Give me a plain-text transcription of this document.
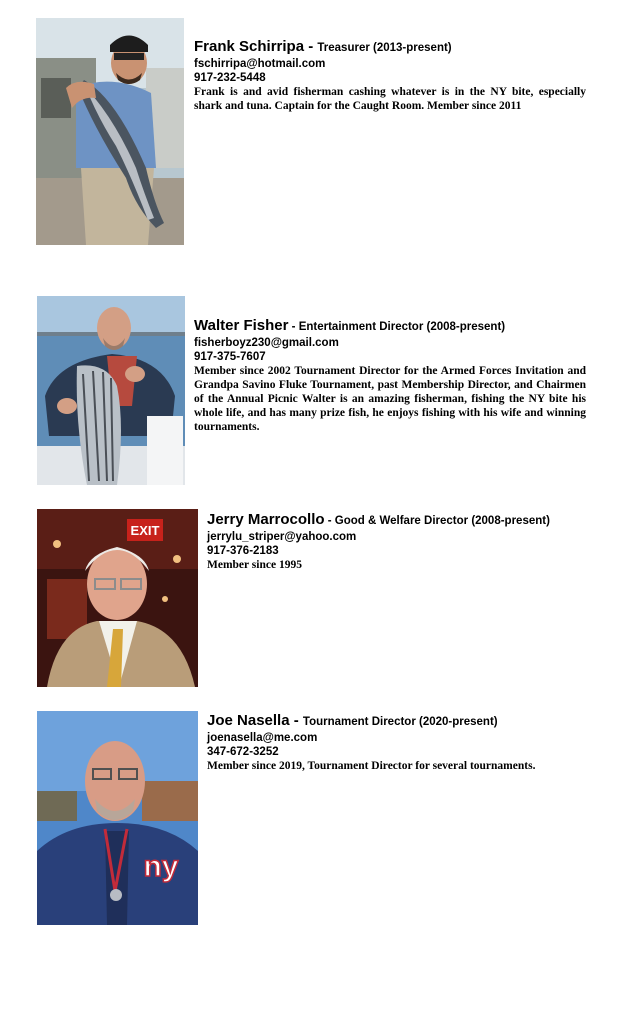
Frank Schirripa - Treasurer (2013-present)
fschirripa@hotmail.com
917-232-5448
Frank is and avid fisherman cashing whatever is in the NY bite, especially shark and tuna. Captain for the Caught Room. Member since 2011
Walter Fisher - Entertainment Director (2008-present)
fisherboyz230@gmail.com
917-375-7607
Member since 2002 Tournament Director for the Armed Forces Invitation and Grandpa Savino Fluke Tournament, past Membership Director, and Chairmen of the Annual Picnic Walter is an amazing fisherman, fishing the NY bite his whole life, and has many prize fish, he enjoys fishing with his wife and winning tournaments.
EXIT
Jerry Marrocollo - Good & Welfare Director (2008-present)
jerrylu_striper@yahoo.com
917-376-2183
Member since 1995
ny
Joe Nasella - Tournament Director (2020-present)
joenasella@me.com
347-672-3252
Member since 2019, Tournament Director for several tournaments.
